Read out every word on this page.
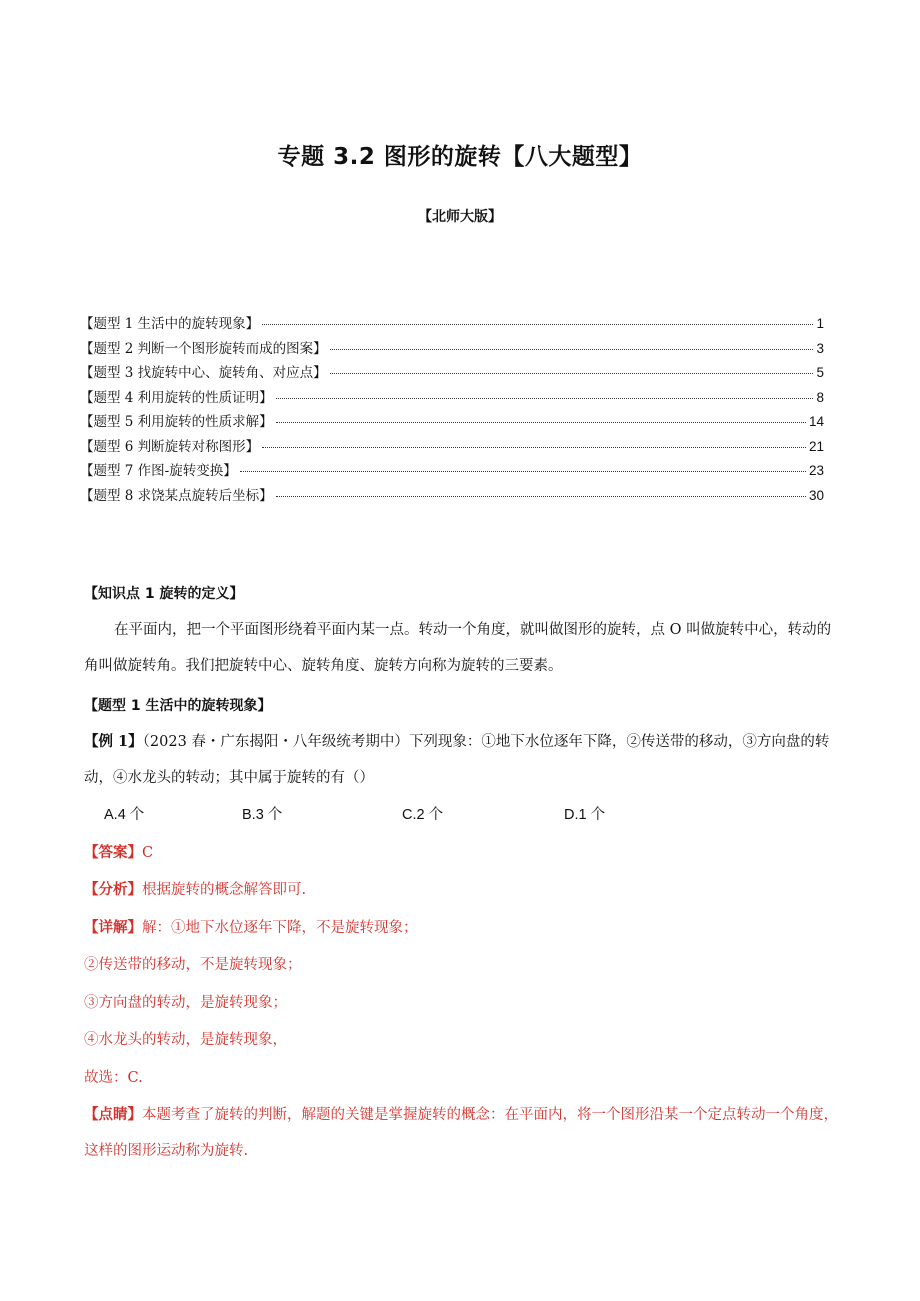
专题 3.2 图形的旋转【八大题型】
【北师大版】
【题型 1 生活中的旋转现象】	1
【题型 2 判断一个图形旋转而成的图案】	3
【题型 3 找旋转中心、旋转角、对应点】	5
【题型 4 利用旋转的性质证明】	8
【题型 5 利用旋转的性质求解】	14
【题型 6 判断旋转对称图形】	21
【题型 7 作图-旋转变换】	23
【题型 8 求饶某点旋转后坐标】	30
【知识点 1 旋转的定义】
在平面内，把一个平面图形绕着平面内某一点。转动一个角度，就叫做图形的旋转，点 O 叫做旋转中心，转动的角叫做旋转角。我们把旋转中心、旋转角度、旋转方向称为旋转的三要素。
【题型 1 生活中的旋转现象】
【例 1】（2023 春・广东揭阳・八年级统考期中）下列现象：①地下水位逐年下降，②传送带的移动，③方向盘的转动，④水龙头的转动；其中属于旋转的有（）
A.4 个	B.3 个	C.2 个	D.1 个
【答案】C
【分析】根据旋转的概念解答即可.
【详解】解：①地下水位逐年下降，不是旋转现象；
②传送带的移动，不是旋转现象；
③方向盘的转动，是旋转现象；
④水龙头的转动，是旋转现象，
故选：C.
【点睛】本题考查了旋转的判断，解题的关键是掌握旋转的概念：在平面内，将一个图形沿某一个定点转动一个角度，这样的图形运动称为旋转.
